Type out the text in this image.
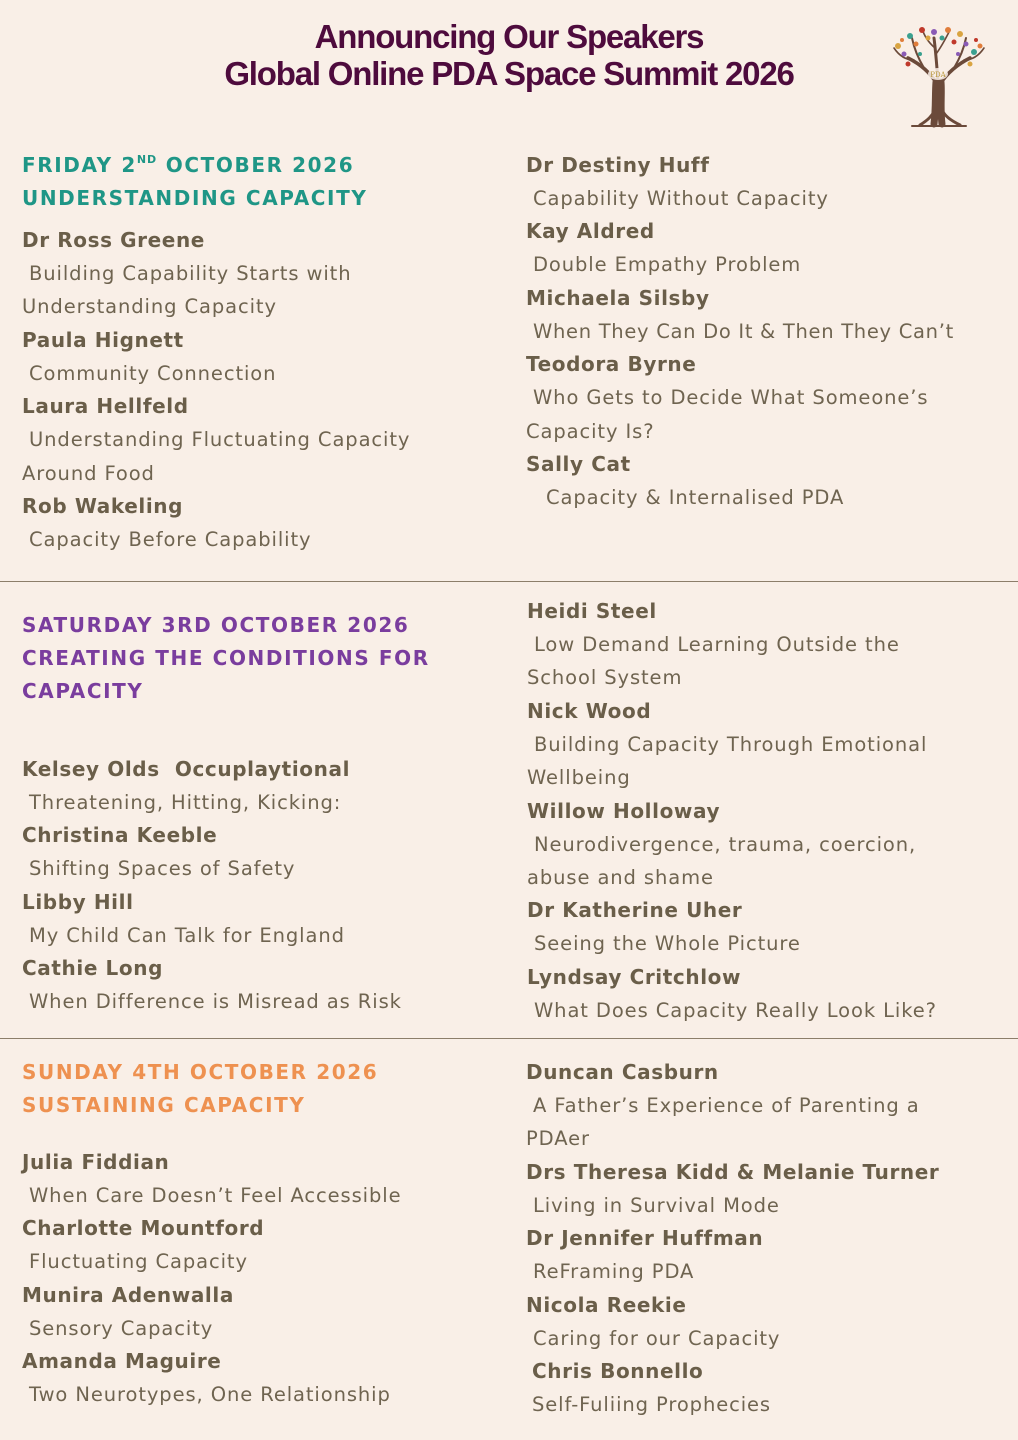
Announcing Our Speakers
Global Online PDA Space Summit 2026	PDA
FRIDAY 2ND OCTOBER 2026
UNDERSTANDING CAPACITY
Dr Ross Greene
Building Capability Starts with Understanding Capacity
Paula Hignett
Community Connection
Laura Hellfeld
Understanding Fluctuating Capacity Around Food
Rob Wakeling
Capacity Before Capability
Dr Destiny Huff
Capability Without Capacity
Kay Aldred
Double Empathy Problem
Michaela Silsby
When They Can Do It & Then They Can’t
Teodora Byrne
Who Gets to Decide What Someone’s Capacity Is?
Sally Cat
Capacity & Internalised PDA
SATURDAY 3RD OCTOBER 2026
CREATING THE CONDITIONS FOR CAPACITY
Kelsey Olds  Occuplaytional
Threatening, Hitting, Kicking:
Christina Keeble
Shifting Spaces of Safety
Libby Hill
My Child Can Talk for England
Cathie Long
When Difference is Misread as Risk
Heidi Steel
Low Demand Learning Outside the School System
Nick Wood
Building Capacity Through Emotional Wellbeing
Willow Holloway
Neurodivergence, trauma, coercion, abuse and shame
Dr Katherine Uher
Seeing the Whole Picture
Lyndsay Critchlow
What Does Capacity Really Look Like?
SUNDAY 4TH OCTOBER 2026
SUSTAINING CAPACITY
Julia Fiddian
When Care Doesn’t Feel Accessible
Charlotte Mountford
Fluctuating Capacity
Munira Adenwalla
Sensory Capacity
Amanda Maguire
Two Neurotypes, One Relationship
Duncan Casburn
A Father’s Experience of Parenting a PDAer
Drs Theresa Kidd & Melanie Turner
Living in Survival Mode
Dr Jennifer Huffman
ReFraming PDA
Nicola Reekie
Caring for our Capacity
Chris Bonnello
Self-Fuliing Prophecies
